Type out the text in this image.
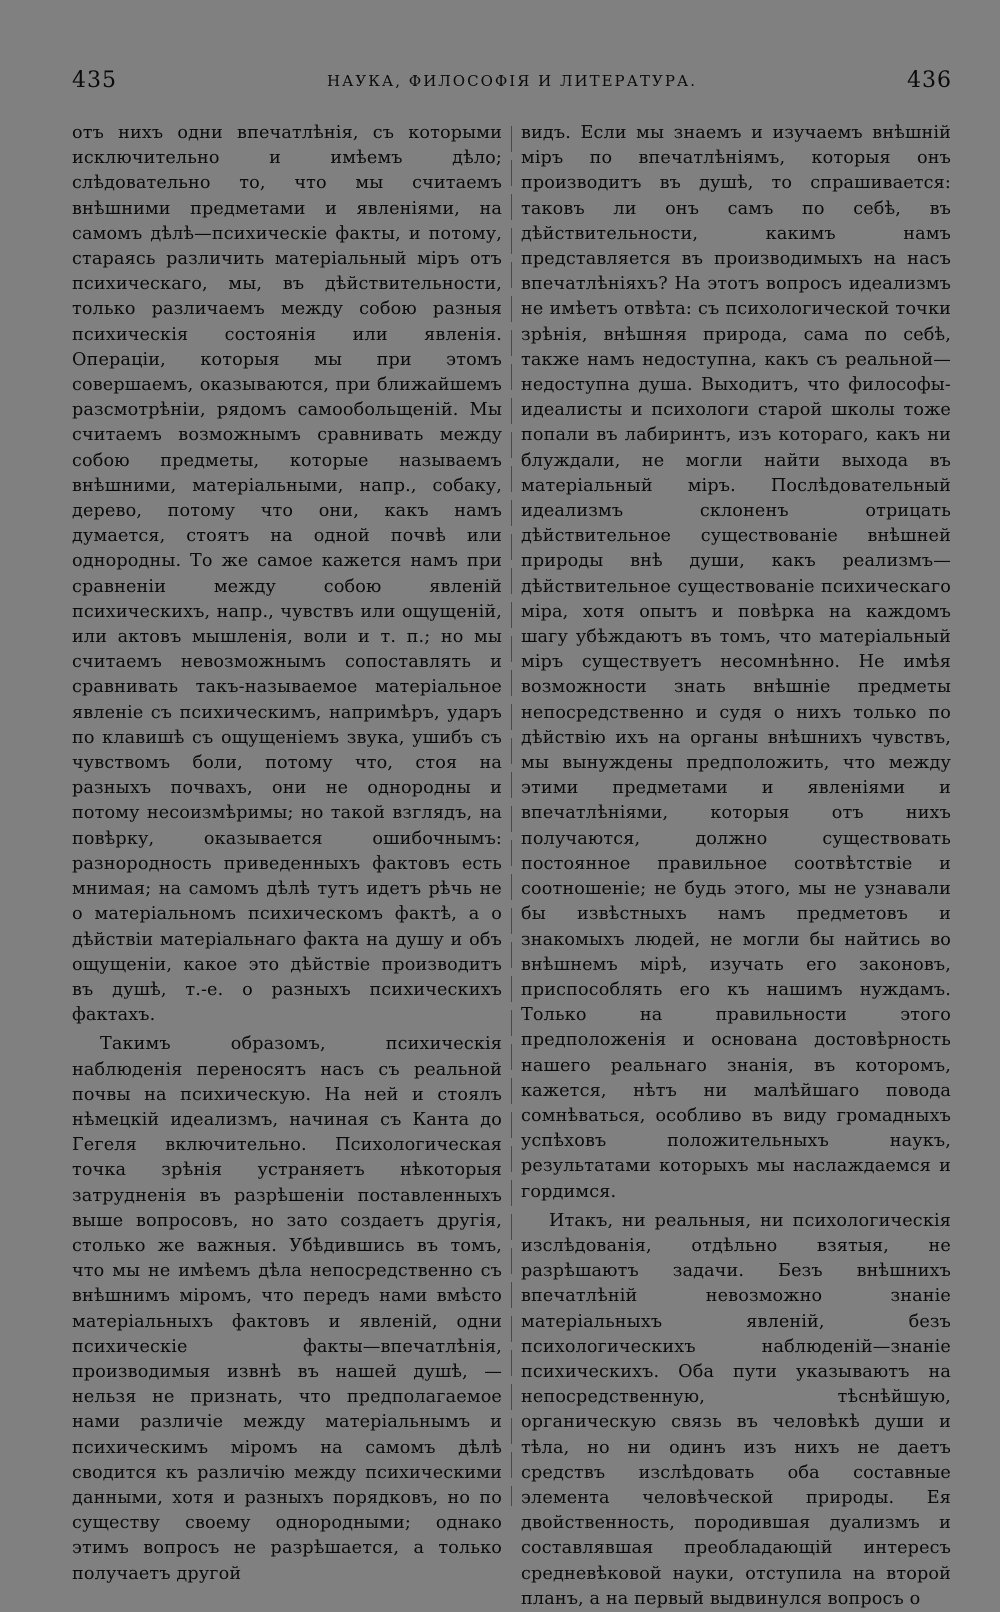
435	НАУКА, ФИЛОСОФІЯ И ЛИТЕРАТУРА.	436

отъ нихъ одни впечатлѣнія, съ которыми исключительно и имѣемъ дѣло; слѣдовательно то, что мы считаемъ внѣшними предметами и явленіями, на самомъ дѣлѣ—психическіе факты, и потому, стараясь различить матеріальный міръ отъ психическаго, мы, въ дѣйствительности, только различаемъ между собою разныя психическія состоянія или явленія. Операціи, которыя мы при этомъ совершаемъ, оказываются, при ближайшемъ разсмотрѣніи, рядомъ самообольщеній. Мы считаемъ возможнымъ сравнивать между собою предметы, которые называемъ внѣшними, матеріальными, напр., собаку, дерево, потому что они, какъ намъ думается, стоятъ на одной почвѣ или однородны. То же самое кажется намъ при сравненіи между собою явленій психическихъ, напр., чувствъ или ощущеній, или актовъ мышленія, воли и т. п.; но мы считаемъ невозможнымъ сопоставлять и сравнивать такъ-называемое матеріальное явленіе съ психическимъ, напримѣръ, ударъ по клавишѣ съ ощущеніемъ звука, ушибъ съ чувствомъ боли, потому что, стоя на разныхъ почвахъ, они не однородны и потому несоизмѣримы; но такой взглядъ, на повѣрку, оказывается ошибочнымъ: разнородность приведенныхъ фактовъ есть мнимая; на самомъ дѣлѣ тутъ идетъ рѣчь не о матеріальномъ психическомъ фактѣ, а о дѣйствіи матеріальнаго факта на душу и объ ощущеніи, какое это дѣйствіе производитъ въ душѣ, т.-е. о разныхъ психическихъ фактахъ.

Такимъ образомъ, психическія наблюденія переносятъ насъ съ реальной почвы на психическую. На ней и стоялъ нѣмецкій идеализмъ, начиная съ Канта до Гегеля включительно. Психологическая точка зрѣнія устраняетъ нѣкоторыя затрудненія въ разрѣшеніи поставленныхъ выше вопросовъ, но зато создаетъ другія, столько же важныя. Убѣдившись въ томъ, что мы не имѣемъ дѣла непосредственно съ внѣшнимъ міромъ, что передъ нами вмѣсто матеріальныхъ фактовъ и явленій, одни психическіе факты—впечатлѣнія, производимыя извнѣ въ нашей душѣ, —нельзя не признать, что предполагаемое нами различіе между матеріальнымъ и психическимъ міромъ на самомъ дѣлѣ сводится къ различію между психическими данными, хотя и разныхъ порядковъ, но по существу своему однородными; однако этимъ вопросъ не разрѣшается, а только получаетъ другой

видъ. Если мы знаемъ и изучаемъ внѣшній міръ по впечатлѣніямъ, которыя онъ производитъ въ душѣ, то спрашивается: таковъ ли онъ самъ по себѣ, въ дѣйствительности, какимъ намъ представляется въ производимыхъ на насъ впечатлѣніяхъ? На этотъ вопросъ идеализмъ не имѣетъ отвѣта: съ психологической точки зрѣнія, внѣшняя природа, сама по себѣ, также намъ недоступна, какъ съ реальной—недоступна душа. Выходитъ, что философы-идеалисты и психологи старой школы тоже попали въ лабиринтъ, изъ котораго, какъ ни блуждали, не могли найти выхода въ матеріальный міръ. Послѣдовательный идеализмъ склоненъ отрицать дѣйствительное существованіе внѣшней природы внѣ души, какъ реализмъ—дѣйствительное существованіе психическаго міра, хотя опытъ и повѣрка на каждомъ шагу убѣждаютъ въ томъ, что матеріальный міръ существуетъ несомнѣнно. Не имѣя возможности знать внѣшніе предметы непосредственно и судя о нихъ только по дѣйствію ихъ на органы внѣшнихъ чувствъ, мы вынуждены предположить, что между этими предметами и явленіями и впечатлѣніями, которыя отъ нихъ получаются, должно существовать постоянное правильное соотвѣтствіе и соотношеніе; не будь этого, мы не узнавали бы извѣстныхъ намъ предметовъ и знакомыхъ людей, не могли бы найтись во внѣшнемъ мірѣ, изучать его законовъ, приспособлять его къ нашимъ нуждамъ. Только на правильности этого предположенія и основана достовѣрность нашего реальнаго знанія, въ которомъ, кажется, нѣтъ ни малѣйшаго повода сомнѣваться, особливо въ виду громадныхъ успѣховъ положительныхъ наукъ, результатами которыхъ мы наслаждаемся и гордимся.

Итакъ, ни реальныя, ни психологическія изслѣдованія, отдѣльно взятыя, не разрѣшаютъ задачи. Безъ внѣшнихъ впечатлѣній невозможно знаніе матеріальныхъ явленій, безъ психологическихъ наблюденій—знаніе психическихъ. Оба пути указываютъ на непосредственную, тѣснѣйшую, органическую связь въ человѣкѣ души и тѣла, но ни одинъ изъ нихъ не даетъ средствъ изслѣдовать оба составные элемента человѣческой природы. Ея двойственность, породившая дуализмъ и составлявшая преобладающій интересъ средневѣковой науки, отступила на второй планъ, а на первый выдвинулся вопросъ о
